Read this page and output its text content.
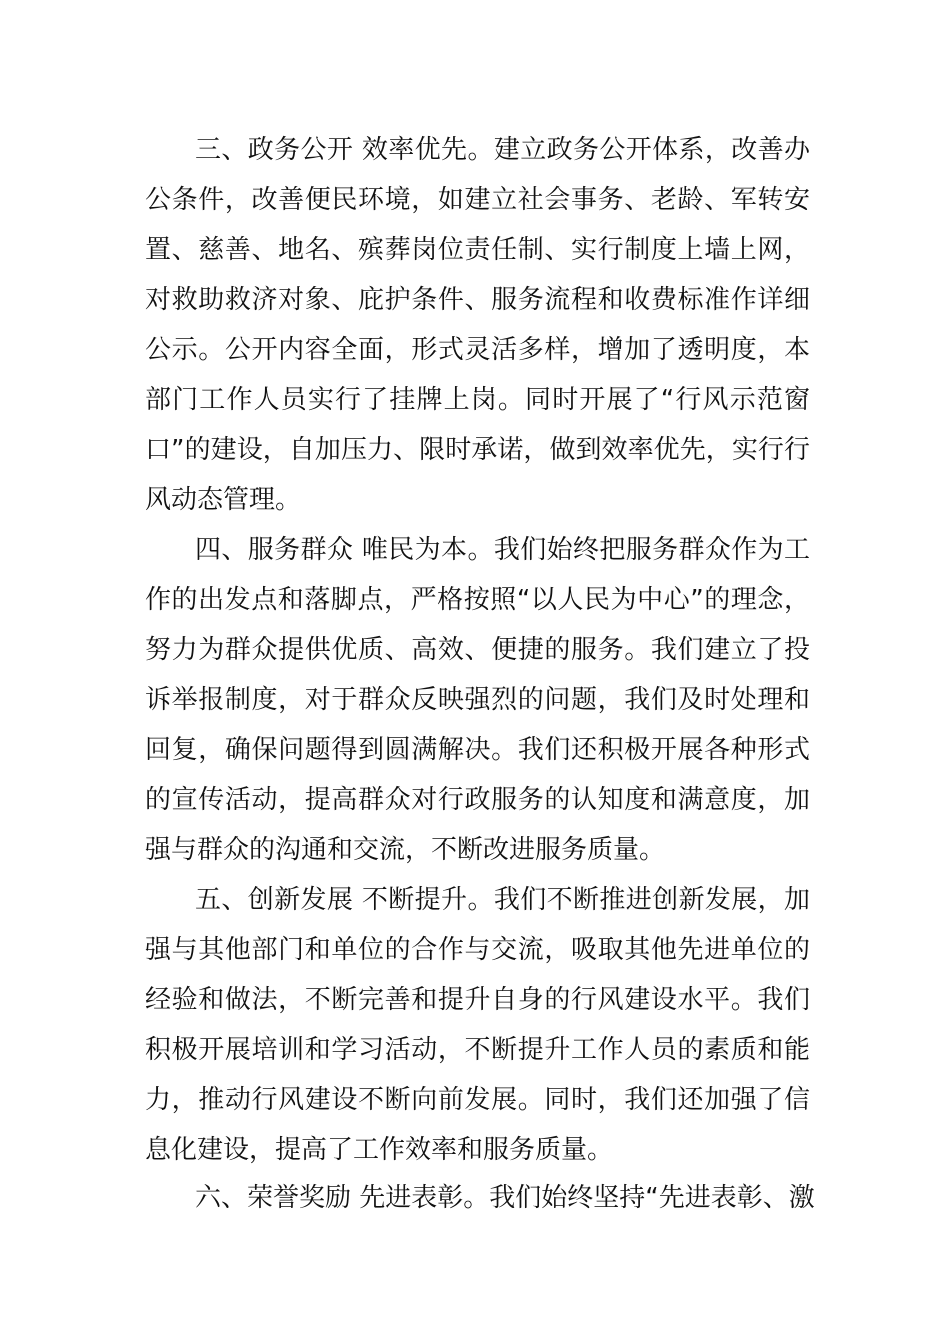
三、政务公开 效率优先。建立政务公开体系，改善办
公条件，改善便民环境，如建立社会事务、老龄、军转安
置、慈善、地名、殡葬岗位责任制、实行制度上墙上网，
对救助救济对象、庇护条件、服务流程和收费标准作详细
公示。公开内容全面，形式灵活多样，增加了透明度，本
部门工作人员实行了挂牌上岗。同时开展了“行风示范窗
口”的建设，自加压力、限时承诺，做到效率优先，实行行
风动态管理。
四、服务群众 唯民为本。我们始终把服务群众作为工
作的出发点和落脚点，严格按照“以人民为中心”的理念，
努力为群众提供优质、高效、便捷的服务。我们建立了投
诉举报制度，对于群众反映强烈的问题，我们及时处理和
回复，确保问题得到圆满解决。我们还积极开展各种形式
的宣传活动，提高群众对行政服务的认知度和满意度，加
强与群众的沟通和交流，不断改进服务质量。
五、创新发展 不断提升。我们不断推进创新发展，加
强与其他部门和单位的合作与交流，吸取其他先进单位的
经验和做法，不断完善和提升自身的行风建设水平。我们
积极开展培训和学习活动，不断提升工作人员的素质和能
力，推动行风建设不断向前发展。同时，我们还加强了信
息化建设，提高了工作效率和服务质量。
六、荣誉奖励 先进表彰。我们始终坚持“先进表彰、激
